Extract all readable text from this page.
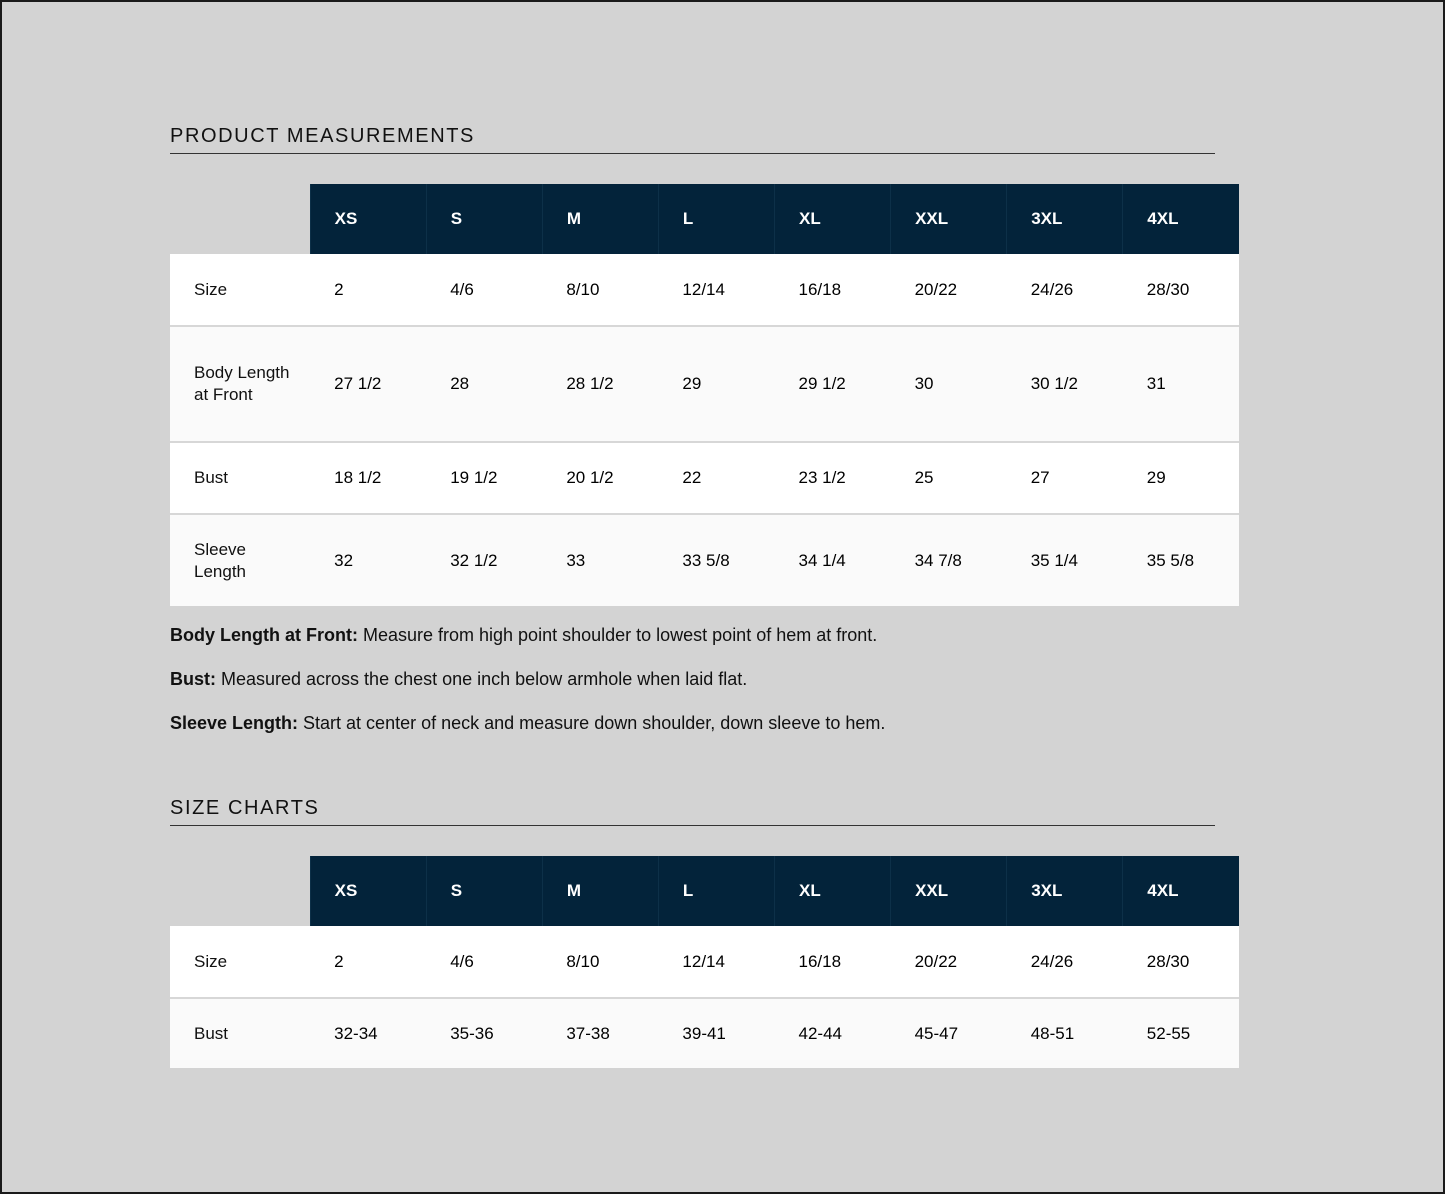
PRODUCT MEASUREMENTS
	XS	S	M	L	XL	XXL	3XL	4XL
Size	2	4/6	8/10	12/14	16/18	20/22	24/26	28/30
Body Length at Front	27 1/2	28	28 1/2	29	29 1/2	30	30 1/2	31
Bust	18 1/2	19 1/2	20 1/2	22	23 1/2	25	27	29
Sleeve Length	32	32 1/2	33	33 5/8	34 1/4	34 7/8	35 1/4	35 5/8

Body Length at Front: Measure from high point shoulder to lowest point of hem at front.

Bust: Measured across the chest one inch below armhole when laid flat.

Sleeve Length: Start at center of neck and measure down shoulder, down sleeve to hem.

SIZE CHARTS
	XS	S	M	L	XL	XXL	3XL	4XL
Size	2	4/6	8/10	12/14	16/18	20/22	24/26	28/30
Bust	32-34	35-36	37-38	39-41	42-44	45-47	48-51	52-55
